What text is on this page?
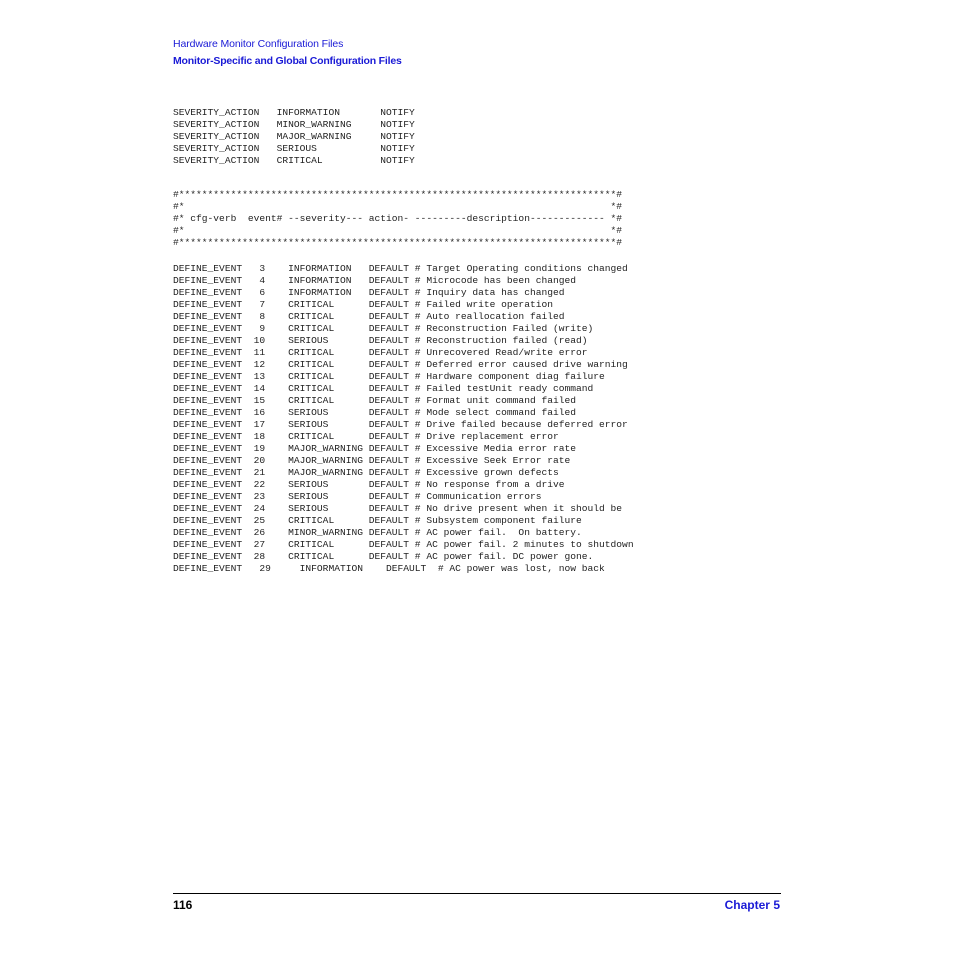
Hardware Monitor Configuration Files
Monitor-Specific and Global Configuration Files
SEVERITY_ACTION   INFORMATION       NOTIFY
SEVERITY_ACTION   MINOR_WARNING     NOTIFY
SEVERITY_ACTION   MAJOR_WARNING     NOTIFY
SEVERITY_ACTION   SERIOUS           NOTIFY
SEVERITY_ACTION   CRITICAL          NOTIFY
#****************************************************************************#
#*                                                                          *#
#* cfg-verb  event# --severity--- action- ---------description------------- *#
#*                                                                          *#
#****************************************************************************#
DEFINE_EVENT   3    INFORMATION   DEFAULT # Target Operating conditions changed
DEFINE_EVENT   4    INFORMATION   DEFAULT # Microcode has been changed
DEFINE_EVENT   6    INFORMATION   DEFAULT # Inquiry data has changed
DEFINE_EVENT   7    CRITICAL      DEFAULT # Failed write operation
DEFINE_EVENT   8    CRITICAL      DEFAULT # Auto reallocation failed
DEFINE_EVENT   9    CRITICAL      DEFAULT # Reconstruction Failed (write)
DEFINE_EVENT  10    SERIOUS       DEFAULT # Reconstruction failed (read)
DEFINE_EVENT  11    CRITICAL      DEFAULT # Unrecovered Read/write error
DEFINE_EVENT  12    CRITICAL      DEFAULT # Deferred error caused drive warning
DEFINE_EVENT  13    CRITICAL      DEFAULT # Hardware component diag failure
DEFINE_EVENT  14    CRITICAL      DEFAULT # Failed testUnit ready command
DEFINE_EVENT  15    CRITICAL      DEFAULT # Format unit command failed
DEFINE_EVENT  16    SERIOUS       DEFAULT # Mode select command failed
DEFINE_EVENT  17    SERIOUS       DEFAULT # Drive failed because deferred error
DEFINE_EVENT  18    CRITICAL      DEFAULT # Drive replacement error
DEFINE_EVENT  19    MAJOR_WARNING DEFAULT # Excessive Media error rate
DEFINE_EVENT  20    MAJOR_WARNING DEFAULT # Excessive Seek Error rate
DEFINE_EVENT  21    MAJOR_WARNING DEFAULT # Excessive grown defects
DEFINE_EVENT  22    SERIOUS       DEFAULT # No response from a drive
DEFINE_EVENT  23    SERIOUS       DEFAULT # Communication errors
DEFINE_EVENT  24    SERIOUS       DEFAULT # No drive present when it should be
DEFINE_EVENT  25    CRITICAL      DEFAULT # Subsystem component failure
DEFINE_EVENT  26    MINOR_WARNING DEFAULT # AC power fail.  On battery.
DEFINE_EVENT  27    CRITICAL      DEFAULT # AC power fail. 2 minutes to shutdown
DEFINE_EVENT  28    CRITICAL      DEFAULT # AC power fail. DC power gone.
DEFINE_EVENT   29     INFORMATION    DEFAULT  # AC power was lost, now back
116	Chapter 5
